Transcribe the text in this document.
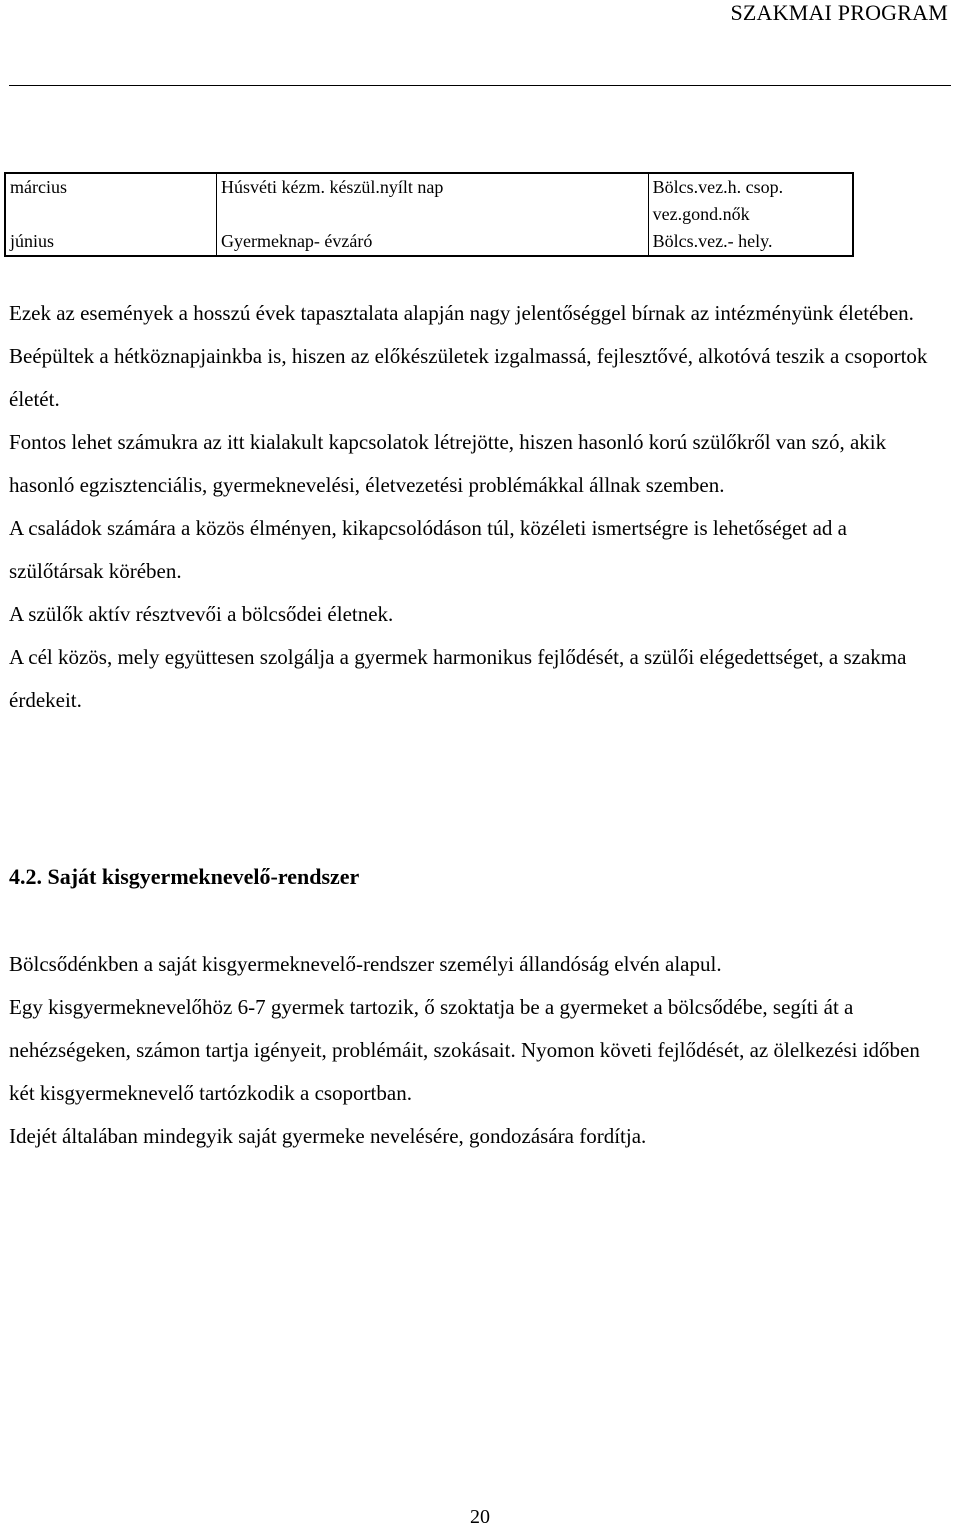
SZAKMAI PROGRAM
március	Húsvéti kézm. készül.nyílt nap	Bölcs.vez.h. csop.
		vez.gond.nők
június	Gyermeknap- évzáró	Bölcs.vez.- hely.

Ezek az események a hosszú évek tapasztalata alapján nagy jelentőséggel bírnak az intézményünk életében.

Beépültek a hétköznapjainkba is, hiszen az előkészületek izgalmassá, fejlesztővé, alkotóvá teszik a csoportok életét.

Fontos lehet számukra az itt kialakult kapcsolatok létrejötte, hiszen hasonló korú szülőkről van szó, akik hasonló egzisztenciális, gyermeknevelési, életvezetési problémákkal állnak szemben.

A családok számára a közös élményen, kikapcsolódáson túl, közéleti ismertségre is lehetőséget ad a szülőtársak körében.

A szülők aktív résztvevői a bölcsődei életnek.

A cél közös, mely együttesen szolgálja a gyermek harmonikus fejlődését, a szülői elégedettséget, a szakma érdekeit.

4.2. Saját kisgyermeknevelő-rendszer

Bölcsődénkben a saját kisgyermeknevelő-rendszer személyi állandóság elvén alapul.

Egy kisgyermeknevelőhöz 6-7 gyermek tartozik, ő szoktatja be a gyermeket a bölcsődébe, segíti át a nehézségeken, számon tartja igényeit, problémáit, szokásait. Nyomon követi fejlődését, az ölelkezési időben két kisgyermeknevelő tartózkodik a csoportban.

Idejét általában mindegyik saját gyermeke nevelésére, gondozására fordítja.

20
